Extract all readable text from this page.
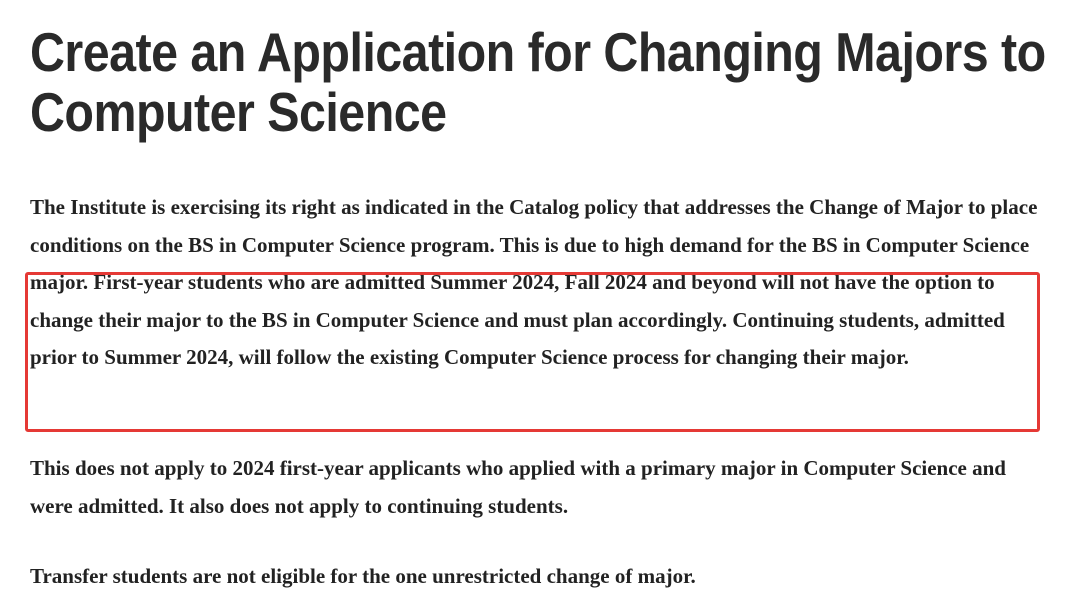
Create an Application for Changing Majors to Computer Science

The Institute is exercising its right as indicated in the Catalog policy that addresses the Change of Major to place conditions on the BS in Computer Science program. This is due to high demand for the BS in Computer Science major. First-year students who are admitted Summer 2024, Fall 2024 and beyond will not have the option to change their major to the BS in Computer Science and must plan accordingly. Continuing students, admitted prior to Summer 2024, will follow the existing Computer Science process for changing their major.

This does not apply to 2024 first-year applicants who applied with a primary major in Computer Science and were admitted. It also does not apply to continuing students.

Transfer students are not eligible for the one unrestricted change of major.
